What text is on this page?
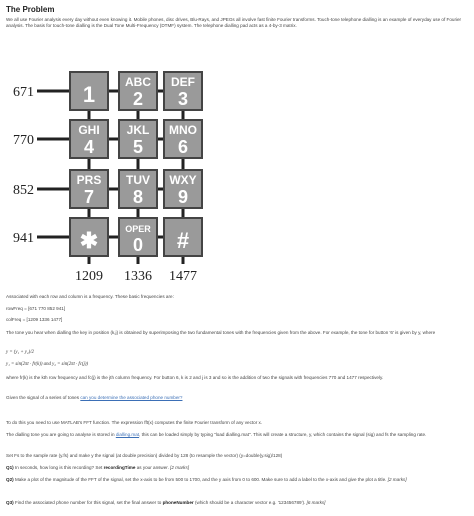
The Problem
We all use Fourier analysis every day without even knowing it. Mobile phones, disc drives, Blu-Rays, and JPEGs all involve fast finite Fourier transforms. Touch-tone telephone dialling is an example of everyday use of Fourier analysis. The basis for touch-tone dialling is the Dual Tone Multi-Frequency (DTMF) system. The telephone dialling pad acts as a 4-by-3 matrix.
671
770
852
941
1209 1336 1477
1 ABC
2
DEF
3
GHI
4
JKL
5
MNO
6
PRS
7
TUV
8
WXY
9
✱	OPER
0 #
Associated with each row and column is a frequency. These basic frequencies are:
rowFreq = [671 770 852 941]
colFreq = [1209 1336 1477]
The tone you hear when dialling the key in position (k,j) is obtained by superimposing the two fundamental tones with the frequencies given from the above. For example, the tone for button '6' is given by y, where
y = (y₁ + y₂)/2
y₁ = sin(2πt · fr(k)) and y₂ = sin(2πt · fc(j))
where fr(k) is the kth row frequency and fc(j) is the jth column frequency. For button 6, k is 2 and j is 3 and so is the addition of two the signals with frequencies 770 and 1477 respectively.
Given the signal of a series of tones can you determine the associated phone number?
To do this you need to use MATLAB's FFT function. The expression fft(x) computes the finite Fourier transform of any vector x.
The dialling tone you are going to analyse is stored in dialling.mat, this can be loaded simply by typing "load dialling.mat". This will create a structure, y, which contains the signal (sig) and fs the sampling rate.
Set Fs to the sample rate (y.fs) and make y the signal (at double precision) divided by 128 (to resample the vector) (y=double(y.sig)/128)
Q1) In seconds, how long is this recording? Set recordingTime as your answer. [2 marks]
Q2) Make a plot of the magnitude of the FFT of the signal, set the x-axis to be from 500 to 1700, and the y axis from 0 to 600. Make sure to add a label to the x-axis and give the plot a title. [2 marks]
Q3) Find the associated phone number for this signal, set the final answer to phoneNumber (which should be a character vector e.g. '123456789'). [6 marks]
